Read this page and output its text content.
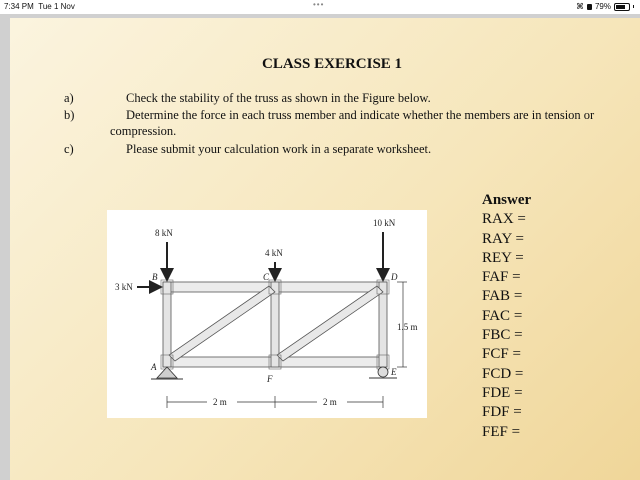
7:34 PM Tue 1 Nov	•••	⌘ 79%
CLASS EXERCISE 1
a)	Check the stability of the truss as shown in the Figure below.
b)	Determine the force in each truss member and indicate whether the members are in tension or
compression.
c)	Please submit your calculation work in a separate worksheet.
8 kN
4 kN
10 kN
3 kN
B	C	D
A
F
E
1.5 m
2 m	2 m
Answer
RAX =
RAY =
REY =
FAF =
FAB =
FAC =
FBC =
FCF =
FCD =
FDE =
FDF =
FEF =
